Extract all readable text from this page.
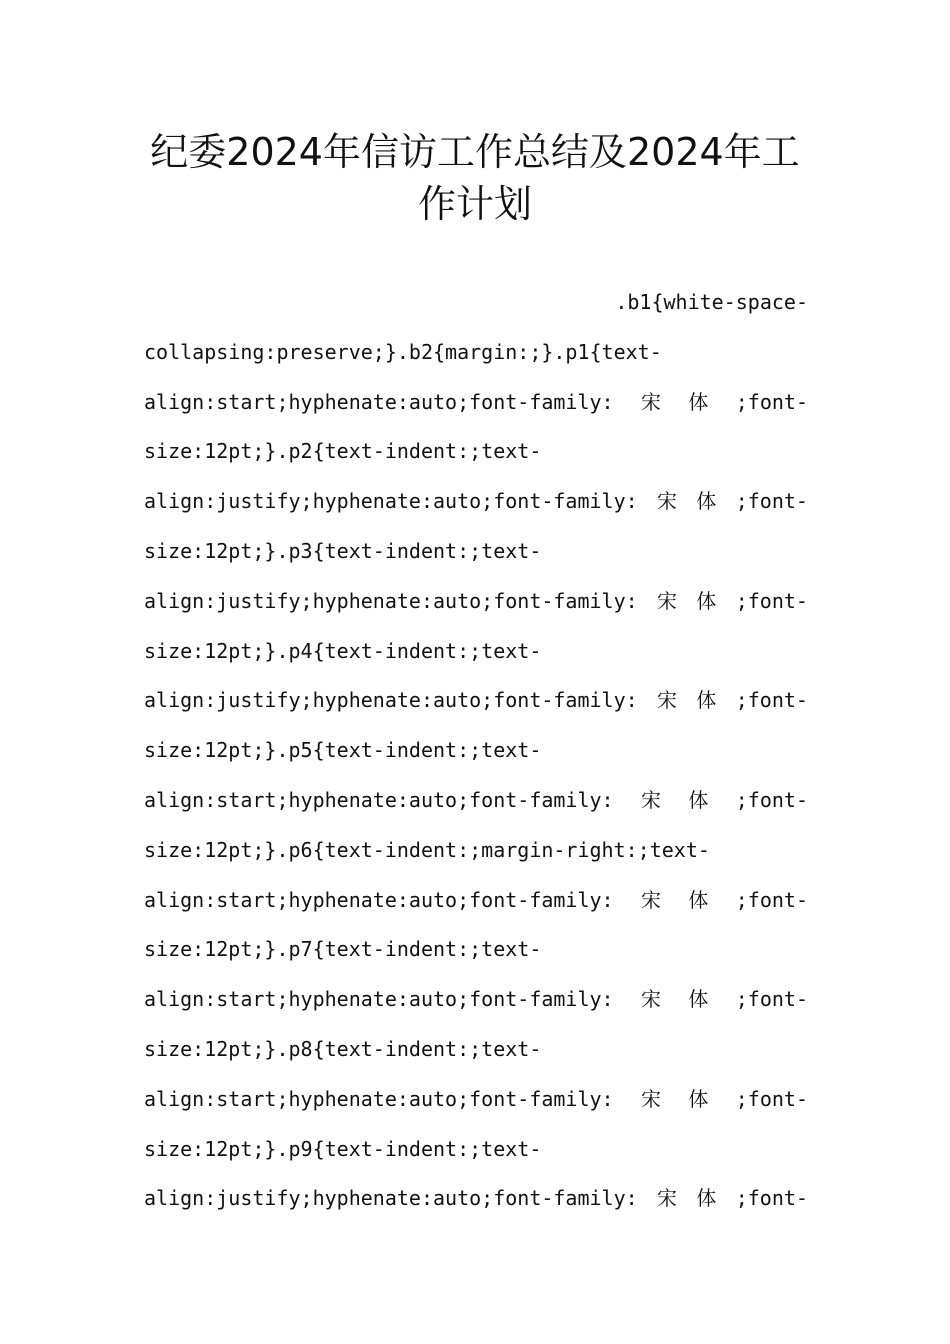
纪委2024年信访工作总结及2024年工
作计划
.b1{white-space-
collapsing:preserve;}.b2{margin:;}.p1{text-
align:start;hyphenate:auto;font-family: 宋 体 ;font-
size:12pt;}.p2{text-indent:;text-
align:justify;hyphenate:auto;font-family: 宋 体 ;font-
size:12pt;}.p3{text-indent:;text-
align:justify;hyphenate:auto;font-family: 宋 体 ;font-
size:12pt;}.p4{text-indent:;text-
align:justify;hyphenate:auto;font-family: 宋 体 ;font-
size:12pt;}.p5{text-indent:;text-
align:start;hyphenate:auto;font-family: 宋 体 ;font-
size:12pt;}.p6{text-indent:;margin-right:;text-
align:start;hyphenate:auto;font-family: 宋 体 ;font-
size:12pt;}.p7{text-indent:;text-
align:start;hyphenate:auto;font-family: 宋 体 ;font-
size:12pt;}.p8{text-indent:;text-
align:start;hyphenate:auto;font-family: 宋 体 ;font-
size:12pt;}.p9{text-indent:;text-
align:justify;hyphenate:auto;font-family: 宋 体 ;font-
